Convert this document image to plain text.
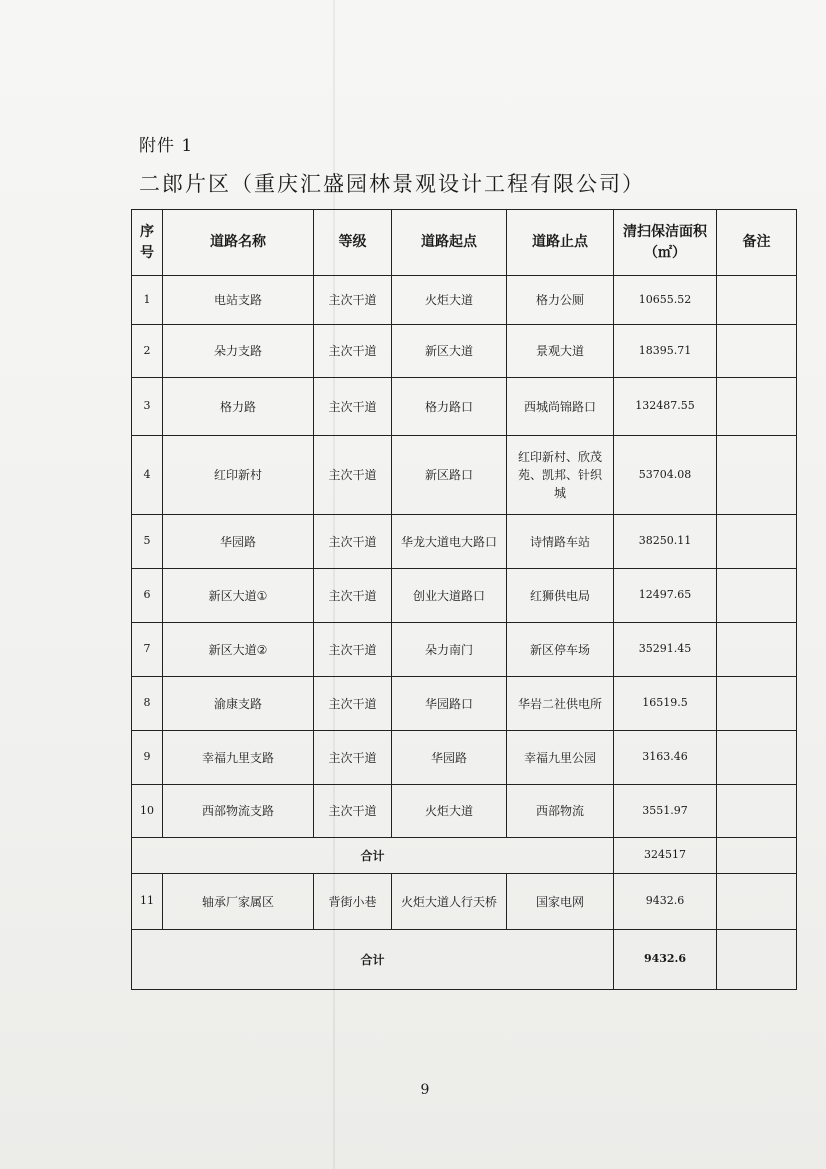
附件 1
二郎片区（重庆汇盛园林景观设计工程有限公司）
序号	道路名称	等级	道路起点	道路止点	清扫保洁面积（㎡）	备注
1	电站支路	主次干道	火炬大道	格力公厕	10655.52	
2	朵力支路	主次干道	新区大道	景观大道	18395.71	
3	格力路	主次干道	格力路口	西城尚锦路口	132487.55	
4	红印新村	主次干道	新区路口	红印新村、欣茂苑、凯邦、针织城	53704.08	
5	华园路	主次干道	华龙大道电大路口	诗情路车站	38250.11	
6	新区大道①	主次干道	创业大道路口	红狮供电局	12497.65	
7	新区大道②	主次干道	朵力南门	新区停车场	35291.45	
8	渝康支路	主次干道	华园路口	华岩二社供电所	16519.5	
9	幸福九里支路	主次干道	华园路	幸福九里公园	3163.46	
10	西部物流支路	主次干道	火炬大道	西部物流	3551.97	
合计					324517	
11	轴承厂家属区	背街小巷	火炬大道人行天桥	国家电网	9432.6	
合计					9432.6	
9
